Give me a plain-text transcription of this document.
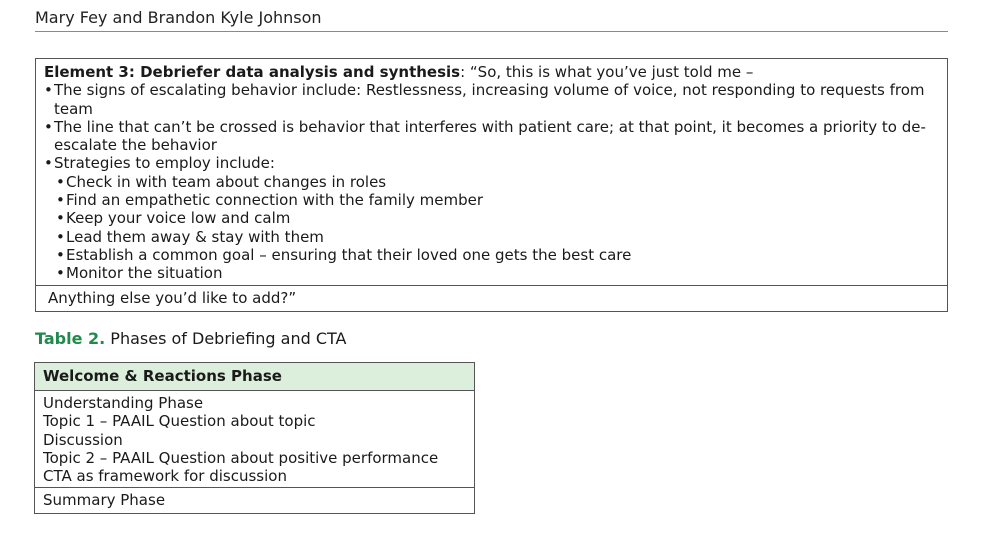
Mary Fey and Brandon Kyle Johnson
Element 3: Debriefer data analysis and synthesis: “So, this is what you’ve just told me –
• The signs of escalating behavior include: Restlessness, increasing volume of voice, not responding to requests from team
• The line that can’t be crossed is behavior that interferes with patient care; at that point, it becomes a priority to de-escalate the behavior
• Strategies to employ include:
• Check in with team about changes in roles
• Find an empathetic connection with the family member
• Keep your voice low and calm
• Lead them away & stay with them
• Establish a common goal – ensuring that their loved one gets the best care
• Monitor the situation
Anything else you’d like to add?”
Table 2. Phases of Debriefing and CTA
Welcome & Reactions Phase
Understanding Phase
Topic 1 – PAAIL Question about topic
Discussion
Topic 2 – PAAIL Question about positive performance
CTA as framework for discussion
Summary Phase
